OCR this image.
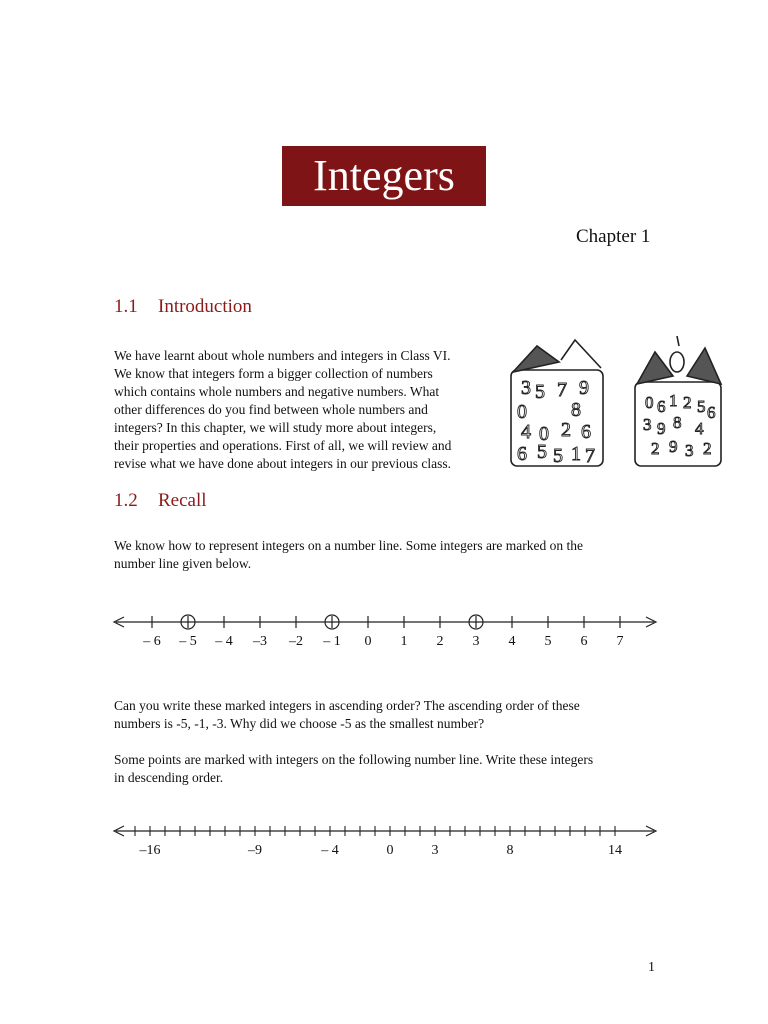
Integers
Chapter 1
1.1 Introduction
We have learnt about whole numbers and integers in Class VI.
We know that integers form a bigger collection of numbers
which contains whole numbers and negative numbers. What
other differences do you find between whole numbers and
integers? In this chapter, we will study more about integers,
their properties and operations. First of all, we will review and
revise what we have done about integers in our previous class.
3 5 7 9
0 8
4 0 2 6
6 5 5 1 7
0 6 1 2 5 6
3 9 8 4
2 9 3 2
1.2 Recall
We know how to represent integers on a number line. Some integers are marked on the
number line given below.
– 6 – 5 – 4 –3 –2 – 1 0 1 2 3 4 5 6 7
Can you write these marked integers in ascending order? The ascending order of these
numbers is -5, -1, -3. Why did we choose -5 as the smallest number?
Some points are marked with integers on the following number line. Write these integers
in descending order.
–16	–9	– 4	0	3	8	14
1
